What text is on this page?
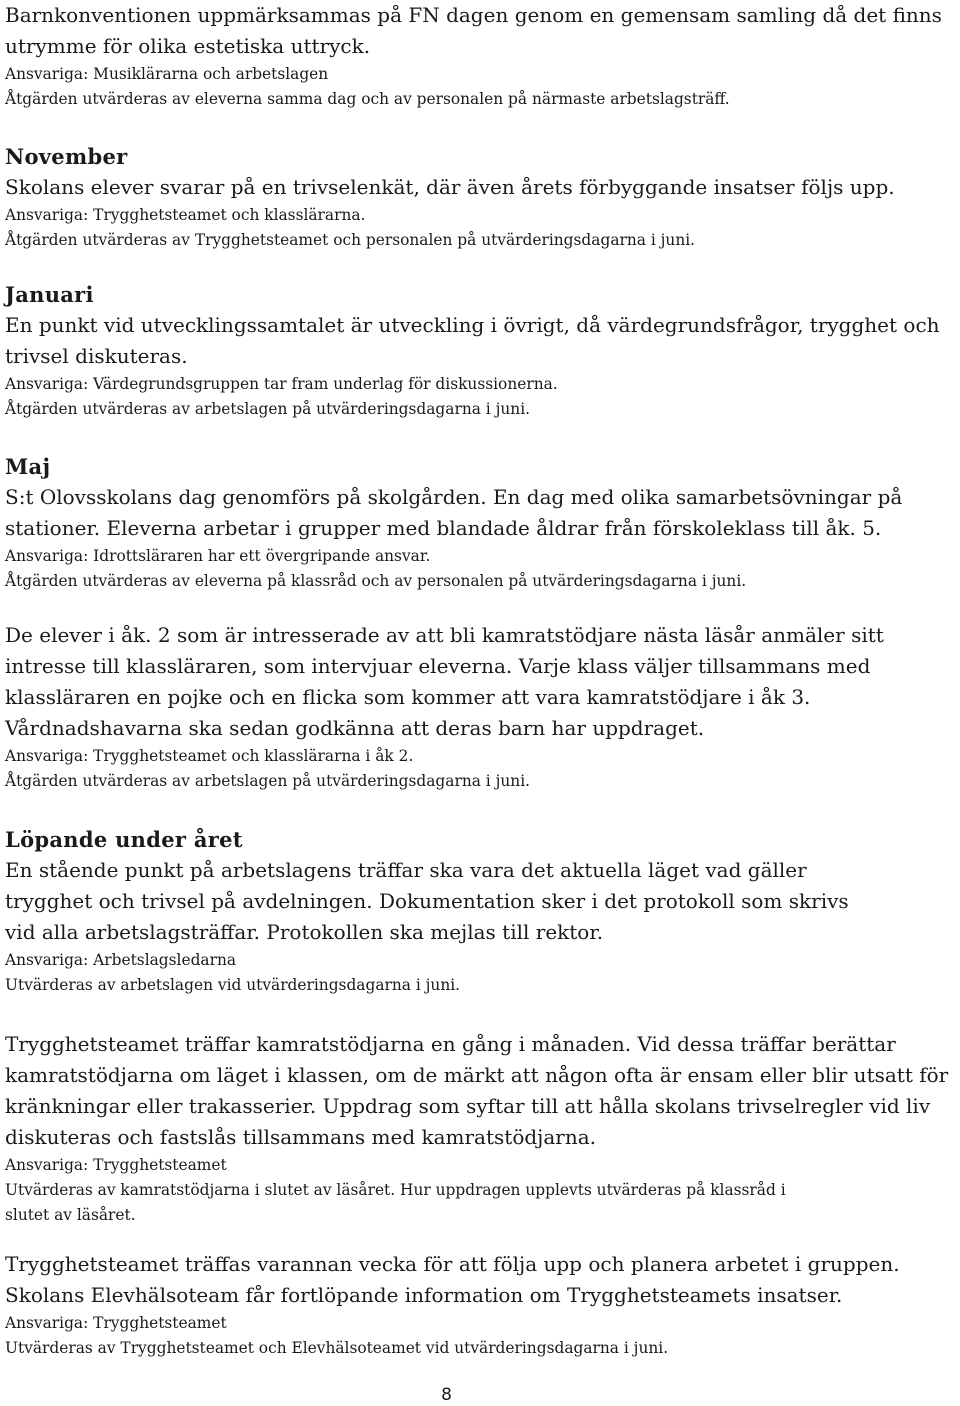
Barnkonventionen uppmärksammas på FN dagen genom en gemensam samling då det finns
utrymme för olika estetiska uttryck.
Ansvariga: Musiklärarna och arbetslagen
Åtgärden utvärderas av eleverna samma dag och av personalen på närmaste arbetslagsträff.
November
Skolans elever svarar på en trivselenkät, där även årets förbyggande insatser följs upp.
Ansvariga: Trygghetsteamet och klasslärarna.
Åtgärden utvärderas av Trygghetsteamet och personalen på utvärderingsdagarna i juni.
Januari
En punkt vid utvecklingssamtalet är utveckling i övrigt, då värdegrundsfrågor, trygghet och
trivsel diskuteras.
Ansvariga: Värdegrundsgruppen tar fram underlag för diskussionerna.
Åtgärden utvärderas av arbetslagen på utvärderingsdagarna i juni.
Maj
S:t Olovsskolans dag genomförs på skolgården. En dag med olika samarbetsövningar på
stationer. Eleverna arbetar i grupper med blandade åldrar från förskoleklass till åk. 5.
Ansvariga: Idrottsläraren har ett övergripande ansvar.
Åtgärden utvärderas av eleverna på klassråd och av personalen på utvärderingsdagarna i juni.
De elever i åk. 2 som är intresserade av att bli kamratstödjare nästa läsår anmäler sitt
intresse till klassläraren, som intervjuar eleverna. Varje klass väljer tillsammans med
klassläraren en pojke och en flicka som kommer att vara kamratstödjare i åk 3.
Vårdnadshavarna ska sedan godkänna att deras barn har uppdraget.
Ansvariga: Trygghetsteamet och klasslärarna i åk 2.
Åtgärden utvärderas av arbetslagen på utvärderingsdagarna i juni.
Löpande under året
En stående punkt på arbetslagens träffar ska vara det aktuella läget vad gäller
trygghet och trivsel på avdelningen. Dokumentation sker i det protokoll som skrivs
vid alla arbetslagsträffar. Protokollen ska mejlas till rektor.
Ansvariga: Arbetslagsledarna
Utvärderas av arbetslagen vid utvärderingsdagarna i juni.
Trygghetsteamet träffar kamratstödjarna en gång i månaden. Vid dessa träffar berättar
kamratstödjarna om läget i klassen, om de märkt att någon ofta är ensam eller blir utsatt för
kränkningar eller trakasserier. Uppdrag som syftar till att hålla skolans trivselregler vid liv
diskuteras och fastslås tillsammans med kamratstödjarna.
Ansvariga: Trygghetsteamet
Utvärderas av kamratstödjarna i slutet av läsåret. Hur uppdragen upplevts utvärderas på klassråd i
slutet av läsåret.
Trygghetsteamet träffas varannan vecka för att följa upp och planera arbetet i gruppen.
Skolans Elevhälsoteam får fortlöpande information om Trygghetsteamets insatser.
Ansvariga: Trygghetsteamet
Utvärderas av Trygghetsteamet och Elevhälsoteamet vid utvärderingsdagarna i juni.
8
